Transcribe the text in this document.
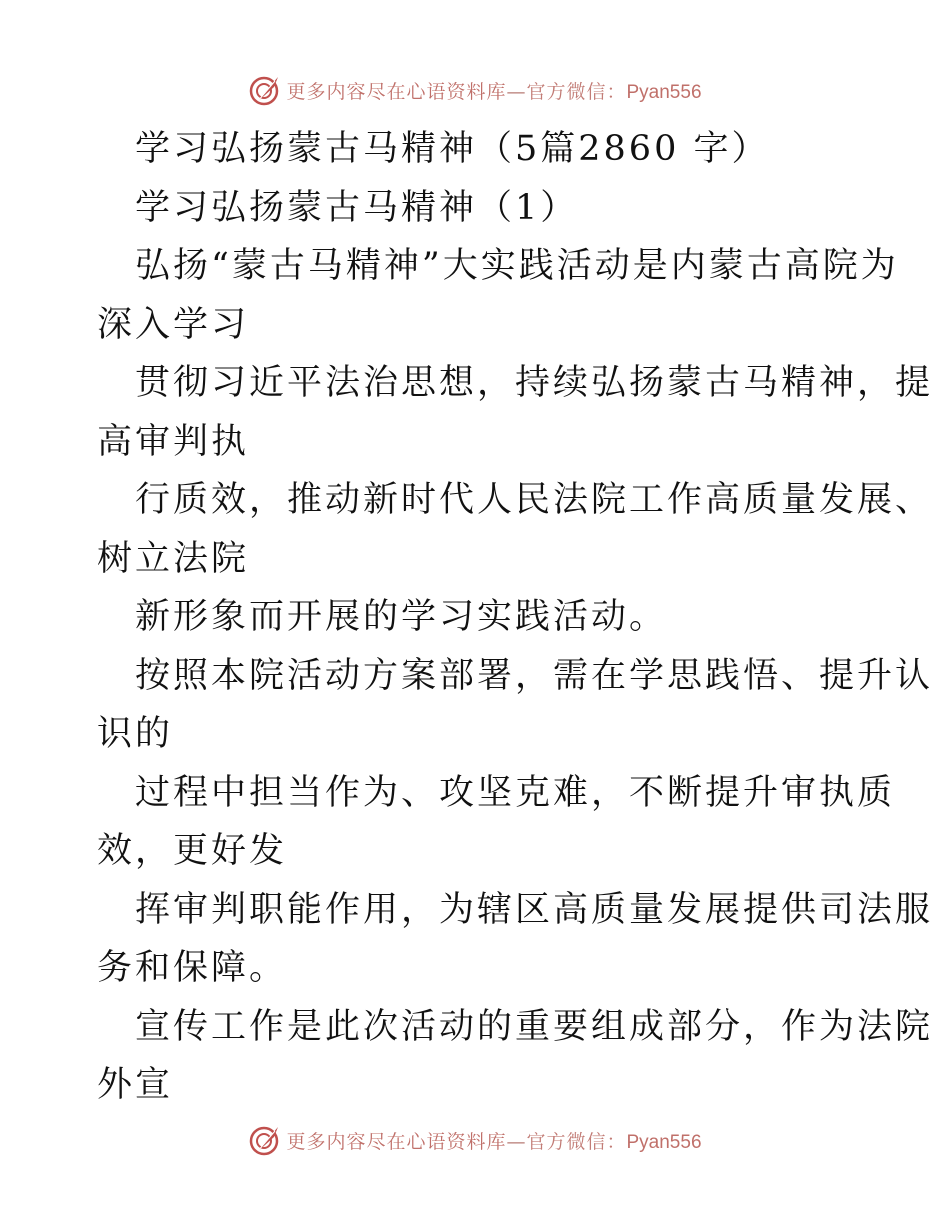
更多内容尽在心语资料库—官方微信：Pyan556
学习弘扬蒙古马精神（5篇2860 字）
学习弘扬蒙古马精神（1）
弘扬“蒙古马精神”大实践活动是内蒙古高院为
深入学习
贯彻习近平法治思想，持续弘扬蒙古马精神，提
高审判执
行质效，推动新时代人民法院工作高质量发展、
树立法院
新形象而开展的学习实践活动。
按照本院活动方案部署，需在学思践悟、提升认
识的
过程中担当作为、攻坚克难，不断提升审执质
效，更好发
挥审判职能作用，为辖区高质量发展提供司法服
务和保障。
宣传工作是此次活动的重要组成部分，作为法院
外宣
更多内容尽在心语资料库—官方微信：Pyan556
